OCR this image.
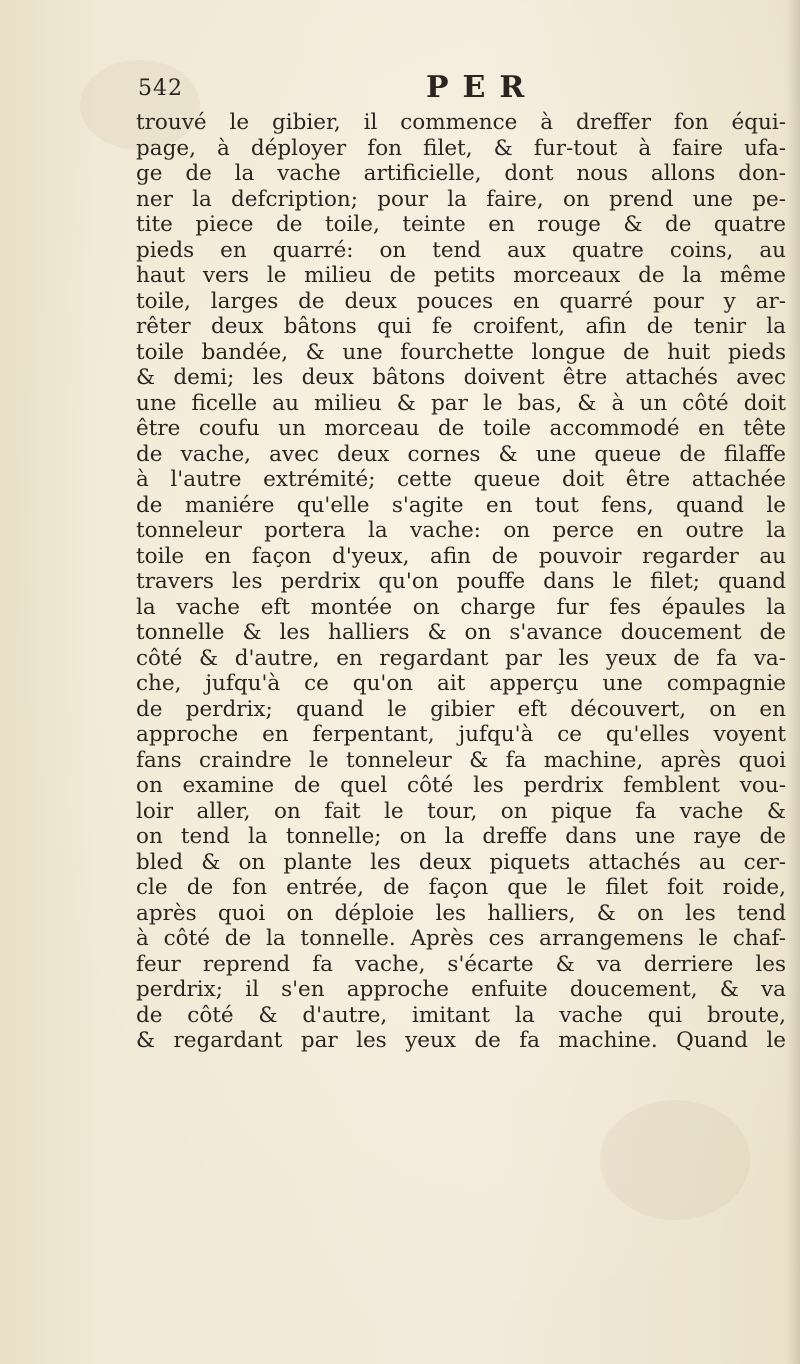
542	PER
trouvé le gibier, il commence à dreffer fon équi-
page, à déployer fon filet, & fur-tout à faire ufa-
ge de la vache artificielle, dont nous allons don-
ner la defcription; pour la faire, on prend une pe-
tite piece de toile, teinte en rouge & de quatre
pieds en quarré: on tend aux quatre coins, au
haut vers le milieu de petits morceaux de la même
toile, larges de deux pouces en quarré pour y ar-
rêter deux bâtons qui fe croifent, afin de tenir la
toile bandée, & une fourchette longue de huit pieds
& demi; les deux bâtons doivent être attachés avec
une ficelle au milieu & par le bas, & à un côté doit
être coufu un morceau de toile accommodé en tête
de vache, avec deux cornes & une queue de filaffe
à l'autre extrémité; cette queue doit être attachée
de maniére qu'elle s'agite en tout fens, quand le
tonneleur portera la vache: on perce en outre la
toile en façon d'yeux, afin de pouvoir regarder au
travers les perdrix qu'on pouffe dans le filet; quand
la vache eft montée on charge fur fes épaules la
tonnelle & les halliers & on s'avance doucement de
côté & d'autre, en regardant par les yeux de fa va-
che, jufqu'à ce qu'on ait apperçu une compagnie
de perdrix; quand le gibier eft découvert, on en
approche en ferpentant, jufqu'à ce qu'elles voyent
fans craindre le tonneleur & fa machine, après quoi
on examine de quel côté les perdrix femblent vou-
loir aller, on fait le tour, on pique fa vache &
on tend la tonnelle; on la dreffe dans une raye de
bled & on plante les deux piquets attachés au cer-
cle de fon entrée, de façon que le filet foit roide,
après quoi on déploie les halliers, & on les tend
à côté de la tonnelle. Après ces arrangemens le chaf-
feur reprend fa vache, s'écarte & va derriere les
perdrix; il s'en approche enfuite doucement, & va
de côté & d'autre, imitant la vache qui broute,
& regardant par les yeux de fa machine. Quand le
